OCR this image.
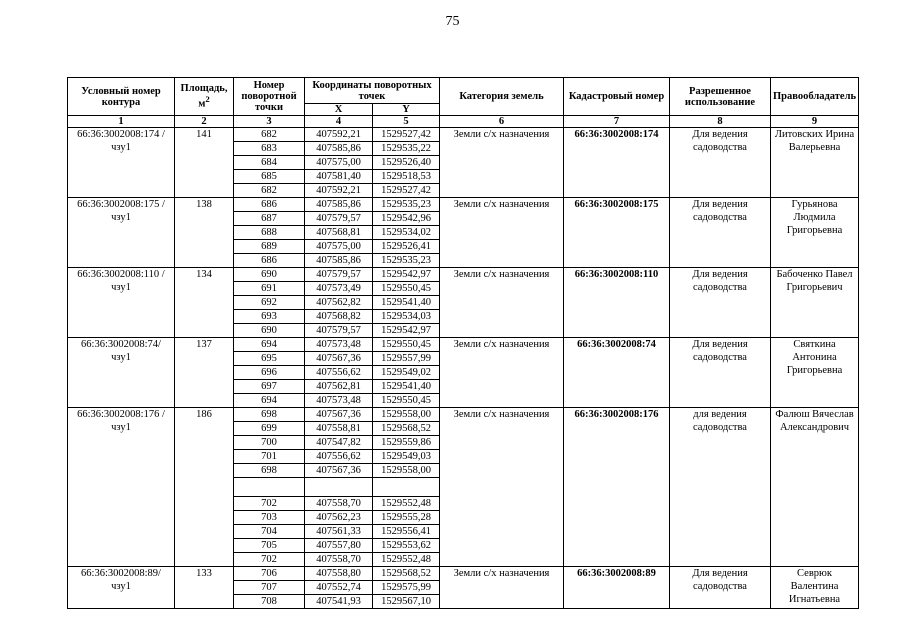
75
Условный номер контура	Площадь, $м^2$	Номер поворотной точки	Координаты поворотных точек		Категория земель	Кадастровый номер	Разрешенное использование	Правообладатель
			X	Y				
1	2	3	4	5	6	7	8	9
66:36:3002008:174 /чзу1	141	682	407592,21	1529527,42	Земли с/х назначения	66:36:3002008:174	Для ведения садоводства	Литовских Ирина Валерьевна
		683	407585,86	1529535,22				
		684	407575,00	1529526,40				
		685	407581,40	1529518,53				
		682	407592,21	1529527,42				
66:36:3002008:175 /чзу1	138	686	407585,86	1529535,23	Земли с/х назначения	66:36:3002008:175	Для ведения садоводства	Гурьянова Людмила Григорьевна
		687	407579,57	1529542,96				
		688	407568,81	1529534,02				
		689	407575,00	1529526,41				
		686	407585,86	1529535,23				
66:36:3002008:110 /чзу1	134	690	407579,57	1529542,97	Земли с/х назначения	66:36:3002008:110	Для ведения садоводства	Бабоченко Павел Григорьевич
		691	407573,49	1529550,45				
		692	407562,82	1529541,40				
		693	407568,82	1529534,03				
		690	407579,57	1529542,97				
66:36:3002008:74/ чзу1	137	694	407573,48	1529550,45	Земли с/х назначения	66:36:3002008:74	Для ведения садоводства	Святкина Антонина Григорьевна
		695	407567,36	1529557,99				
		696	407556,62	1529549,02				
		697	407562,81	1529541,40				
		694	407573,48	1529550,45				
66:36:3002008:176 /чзу1	186	698	407567,36	1529558,00	Земли с/х назначения	66:36:3002008:176	для ведения садоводства	Фалюш Вячеслав Александрович
		699	407558,81	1529568,52				
		700	407547,82	1529559,86				
		701	407556,62	1529549,03				
		698	407567,36	1529558,00				

		702	407558,70	1529552,48				
		703	407562,23	1529555,28				
		704	407561,33	1529556,41				
		705	407557,80	1529553,62				
		702	407558,70	1529552,48				
66:36:3002008:89/ чзу1	133	706	407558,80	1529568,52	Земли с/х назначения	66:36:3002008:89	Для ведения садоводства	Севрюк Валентина Игнатьевна
		707	407552,74	1529575,99				
		708	407541,93	1529567,10				
